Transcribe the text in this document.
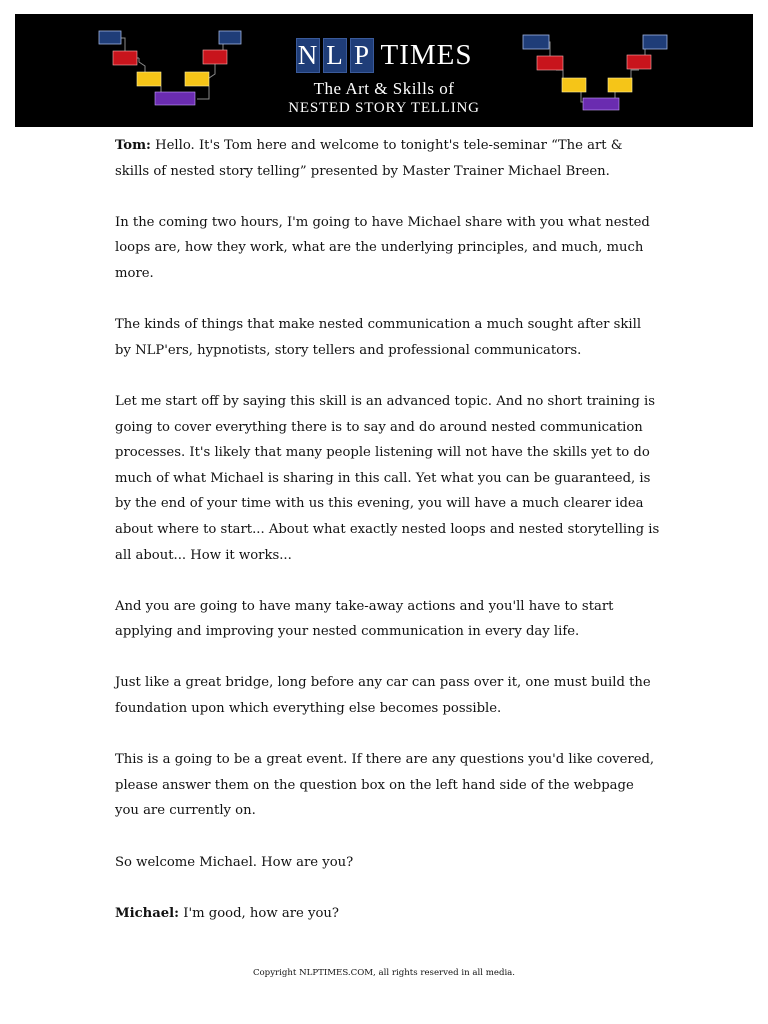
N L P TIMES
The Art & Skills of
NESTED STORY TELLING

Tom: Hello. It's Tom here and welcome to tonight's tele-seminar “The art & skills of nested story telling” presented by Master Trainer Michael Breen.

In the coming two hours, I'm going to have Michael share with you what nested loops are, how they work, what are the underlying principles, and much, much more.

The kinds of things that make nested communication a much sought after skill by NLP'ers, hypnotists, story tellers and professional communicators.

Let me start off by saying this skill is an advanced topic. And no short training is going to cover everything there is to say and do around nested communication processes. It's likely that many people listening will not have the skills yet to do much of what Michael is sharing in this call. Yet what you can be guaranteed, is by the end of your time with us this evening, you will have a much clearer idea about where to start... About what exactly nested loops and nested storytelling is all about... How it works...

And you are going to have many take-away actions and you'll have to start applying and improving your nested communication in every day life.

Just like a great bridge, long before any car can pass over it, one must build the foundation upon which everything else becomes possible.

This is a going to be a great event. If there are any questions you'd like covered, please answer them on the question box on the left hand side of the webpage you are currently on.

So welcome Michael. How are you?

Michael: I'm good, how are you?

Copyright NLPTIMES.COM, all rights reserved in all media.
